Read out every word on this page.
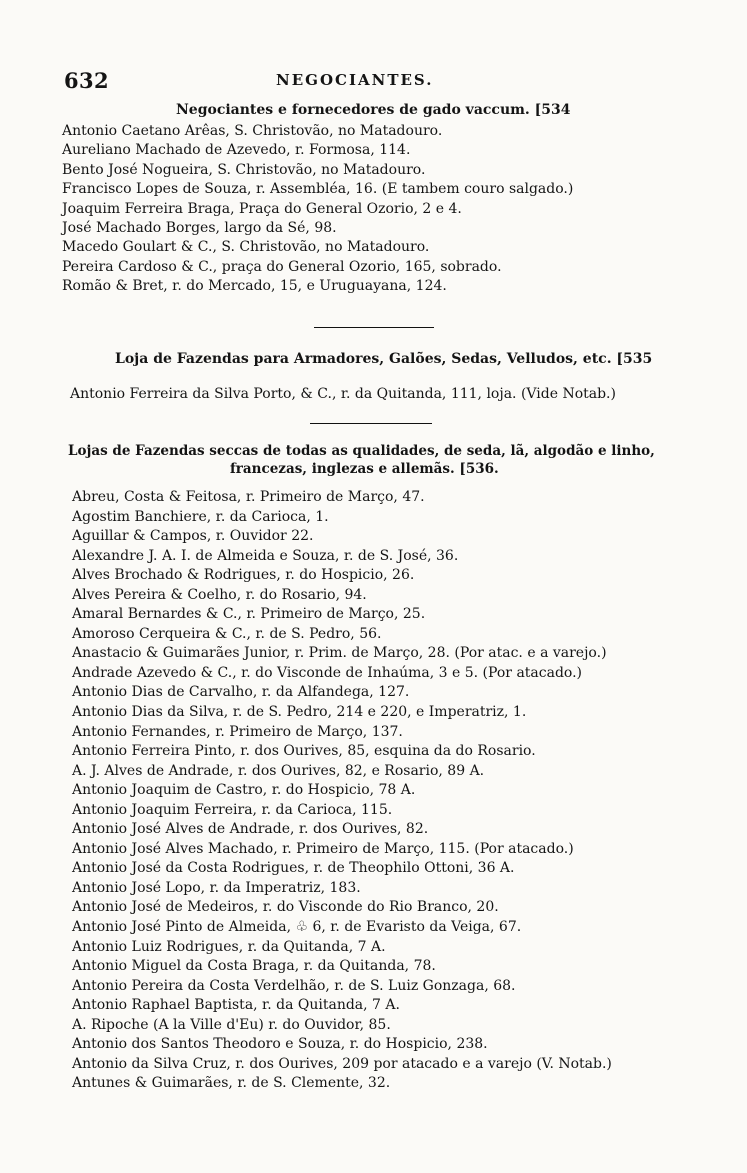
632	NEGOCIANTES.
Negociantes e fornecedores de gado vaccum. [534
Antonio Caetano Arêas, S. Christovão, no Matadouro.
Aureliano Machado de Azevedo, r. Formosa, 114.
Bento José Nogueira, S. Christovão, no Matadouro.
Francisco Lopes de Souza, r. Assembléa, 16. (E tambem couro salgado.)
Joaquim Ferreira Braga, Praça do General Ozorio, 2 e 4.
José Machado Borges, largo da Sé, 98.
Macedo Goulart & C., S. Christovão, no Matadouro.
Pereira Cardoso & C., praça do General Ozorio, 165, sobrado.
Romão & Bret, r. do Mercado, 15, e Uruguayana, 124.
Loja de Fazendas para Armadores, Galões, Sedas, Velludos, etc. [535
Antonio Ferreira da Silva Porto, & C., r. da Quitanda, 111, loja. (Vide Notab.)
Lojas de Fazendas seccas de todas as qualidades, de seda, lã, algodão e linho,
francezas, inglezas e allemãs. [536.
Abreu, Costa & Feitosa, r. Primeiro de Março, 47.
Agostim Banchiere, r. da Carioca, 1.
Aguillar & Campos, r. Ouvidor 22.
Alexandre J. A. I. de Almeida e Souza, r. de S. José, 36.
Alves Brochado & Rodrigues, r. do Hospicio, 26.
Alves Pereira & Coelho, r. do Rosario, 94.
Amaral Bernardes & C., r. Primeiro de Março, 25.
Amoroso Cerqueira & C., r. de S. Pedro, 56.
Anastacio & Guimarães Junior, r. Prim. de Março, 28. (Por atac. e a varejo.)
Andrade Azevedo & C., r. do Visconde de Inhaúma, 3 e 5. (Por atacado.)
Antonio Dias de Carvalho, r. da Alfandega, 127.
Antonio Dias da Silva, r. de S. Pedro, 214 e 220, e Imperatriz, 1.
Antonio Fernandes, r. Primeiro de Março, 137.
Antonio Ferreira Pinto, r. dos Ourives, 85, esquina da do Rosario.
A. J. Alves de Andrade, r. dos Ourives, 82, e Rosario, 89 A.
Antonio Joaquim de Castro, r. do Hospicio, 78 A.
Antonio Joaquim Ferreira, r. da Carioca, 115.
Antonio José Alves de Andrade, r. dos Ourives, 82.
Antonio José Alves Machado, r. Primeiro de Março, 115. (Por atacado.)
Antonio José da Costa Rodrigues, r. de Theophilo Ottoni, 36 A.
Antonio José Lopo, r. da Imperatriz, 183.
Antonio José de Medeiros, r. do Visconde do Rio Branco, 20.
Antonio José Pinto de Almeida, ♧ 6, r. de Evaristo da Veiga, 67.
Antonio Luiz Rodrigues, r. da Quitanda, 7 A.
Antonio Miguel da Costa Braga, r. da Quitanda, 78.
Antonio Pereira da Costa Verdelhão, r. de S. Luiz Gonzaga, 68.
Antonio Raphael Baptista, r. da Quitanda, 7 A.
A. Ripoche (A la Ville d'Eu) r. do Ouvidor, 85.
Antonio dos Santos Theodoro e Souza, r. do Hospicio, 238.
Antonio da Silva Cruz, r. dos Ourives, 209 por atacado e a varejo (V. Notab.)
Antunes & Guimarães, r. de S. Clemente, 32.
